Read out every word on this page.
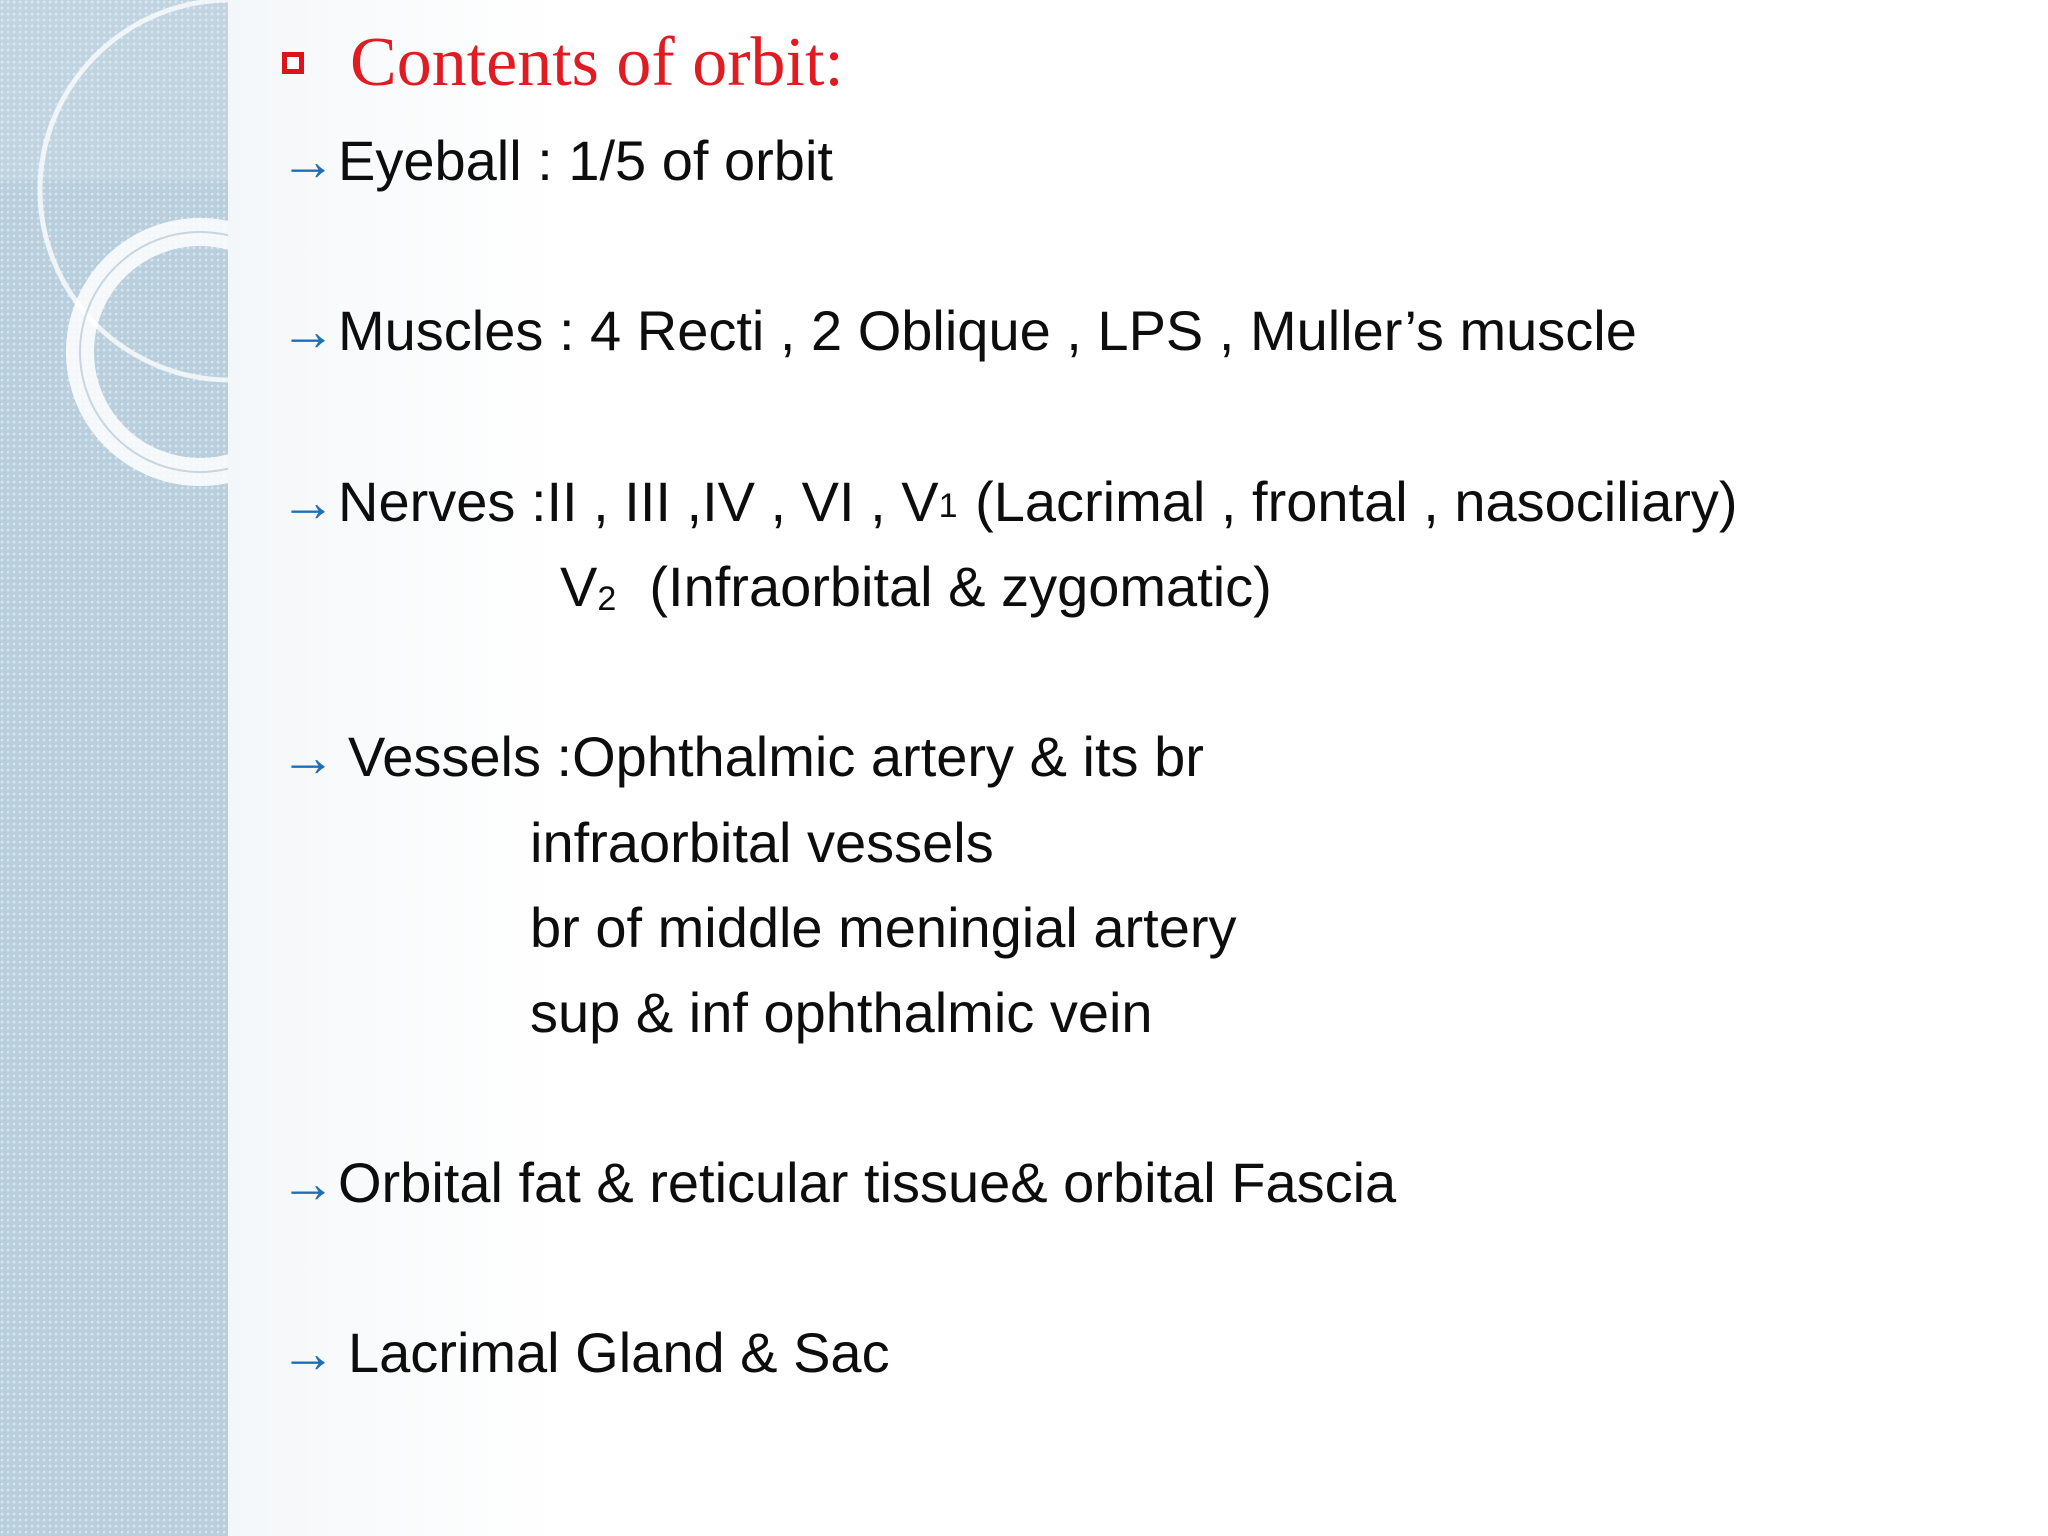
Contents of orbit:
→ Eyeball : 1/5 of orbit
→ Muscles : 4 Recti , 2 Oblique , LPS , Muller’s muscle
→ Nerves :II , III ,IV , VI , V 1 (Lacrimal , frontal , nasociliary)
V2  (Infraorbital & zygomatic)
→ Vessels :Ophthalmic artery & its br
infraorbital vessels
br of middle meningial artery
sup & inf ophthalmic vein
→ Orbital fat & reticular tissue& orbital Fascia
→ Lacrimal Gland & Sac
